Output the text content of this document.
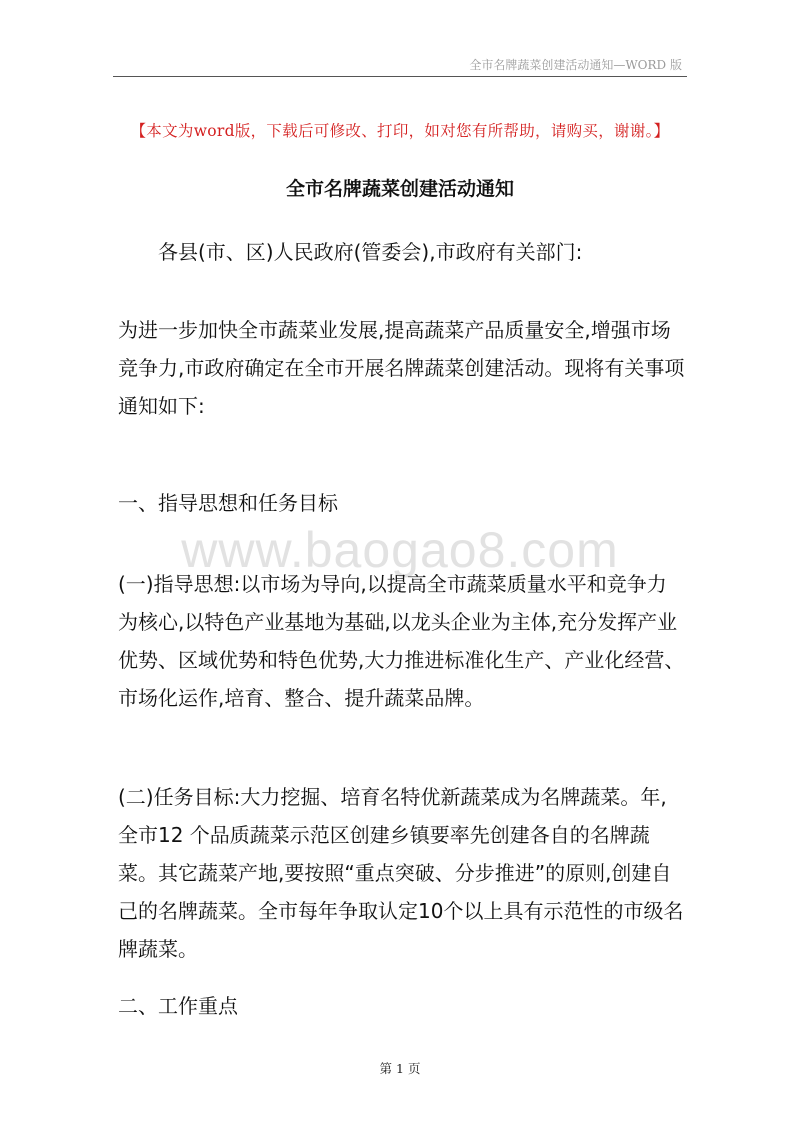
全市名牌蔬菜创建活动通知—WORD 版
【本文为word版，下载后可修改、打印，如对您有所帮助，请购买，谢谢。】
全市名牌蔬菜创建活动通知
各县(市、区)人民政府(管委会),市政府有关部门:
为进一步加快全市蔬菜业发展,提高蔬菜产品质量安全,增强市场竞争力,市政府确定在全市开展名牌蔬菜创建活动。现将有关事项通知如下:
一、指导思想和任务目标
www.baogao8.com
(一)指导思想:以市场为导向,以提高全市蔬菜质量水平和竞争力为核心,以特色产业基地为基础,以龙头企业为主体,充分发挥产业优势、区域优势和特色优势,大力推进标准化生产、产业化经营、市场化运作,培育、整合、提升蔬菜品牌。
(二)任务目标:大力挖掘、培育名特优新蔬菜成为名牌蔬菜。年,全市12 个品质蔬菜示范区创建乡镇要率先创建各自的名牌蔬菜。其它蔬菜产地,要按照“重点突破、分步推进”的原则,创建自己的名牌蔬菜。全市每年争取认定10个以上具有示范性的市级名牌蔬菜。
二、工作重点
第 1 页
